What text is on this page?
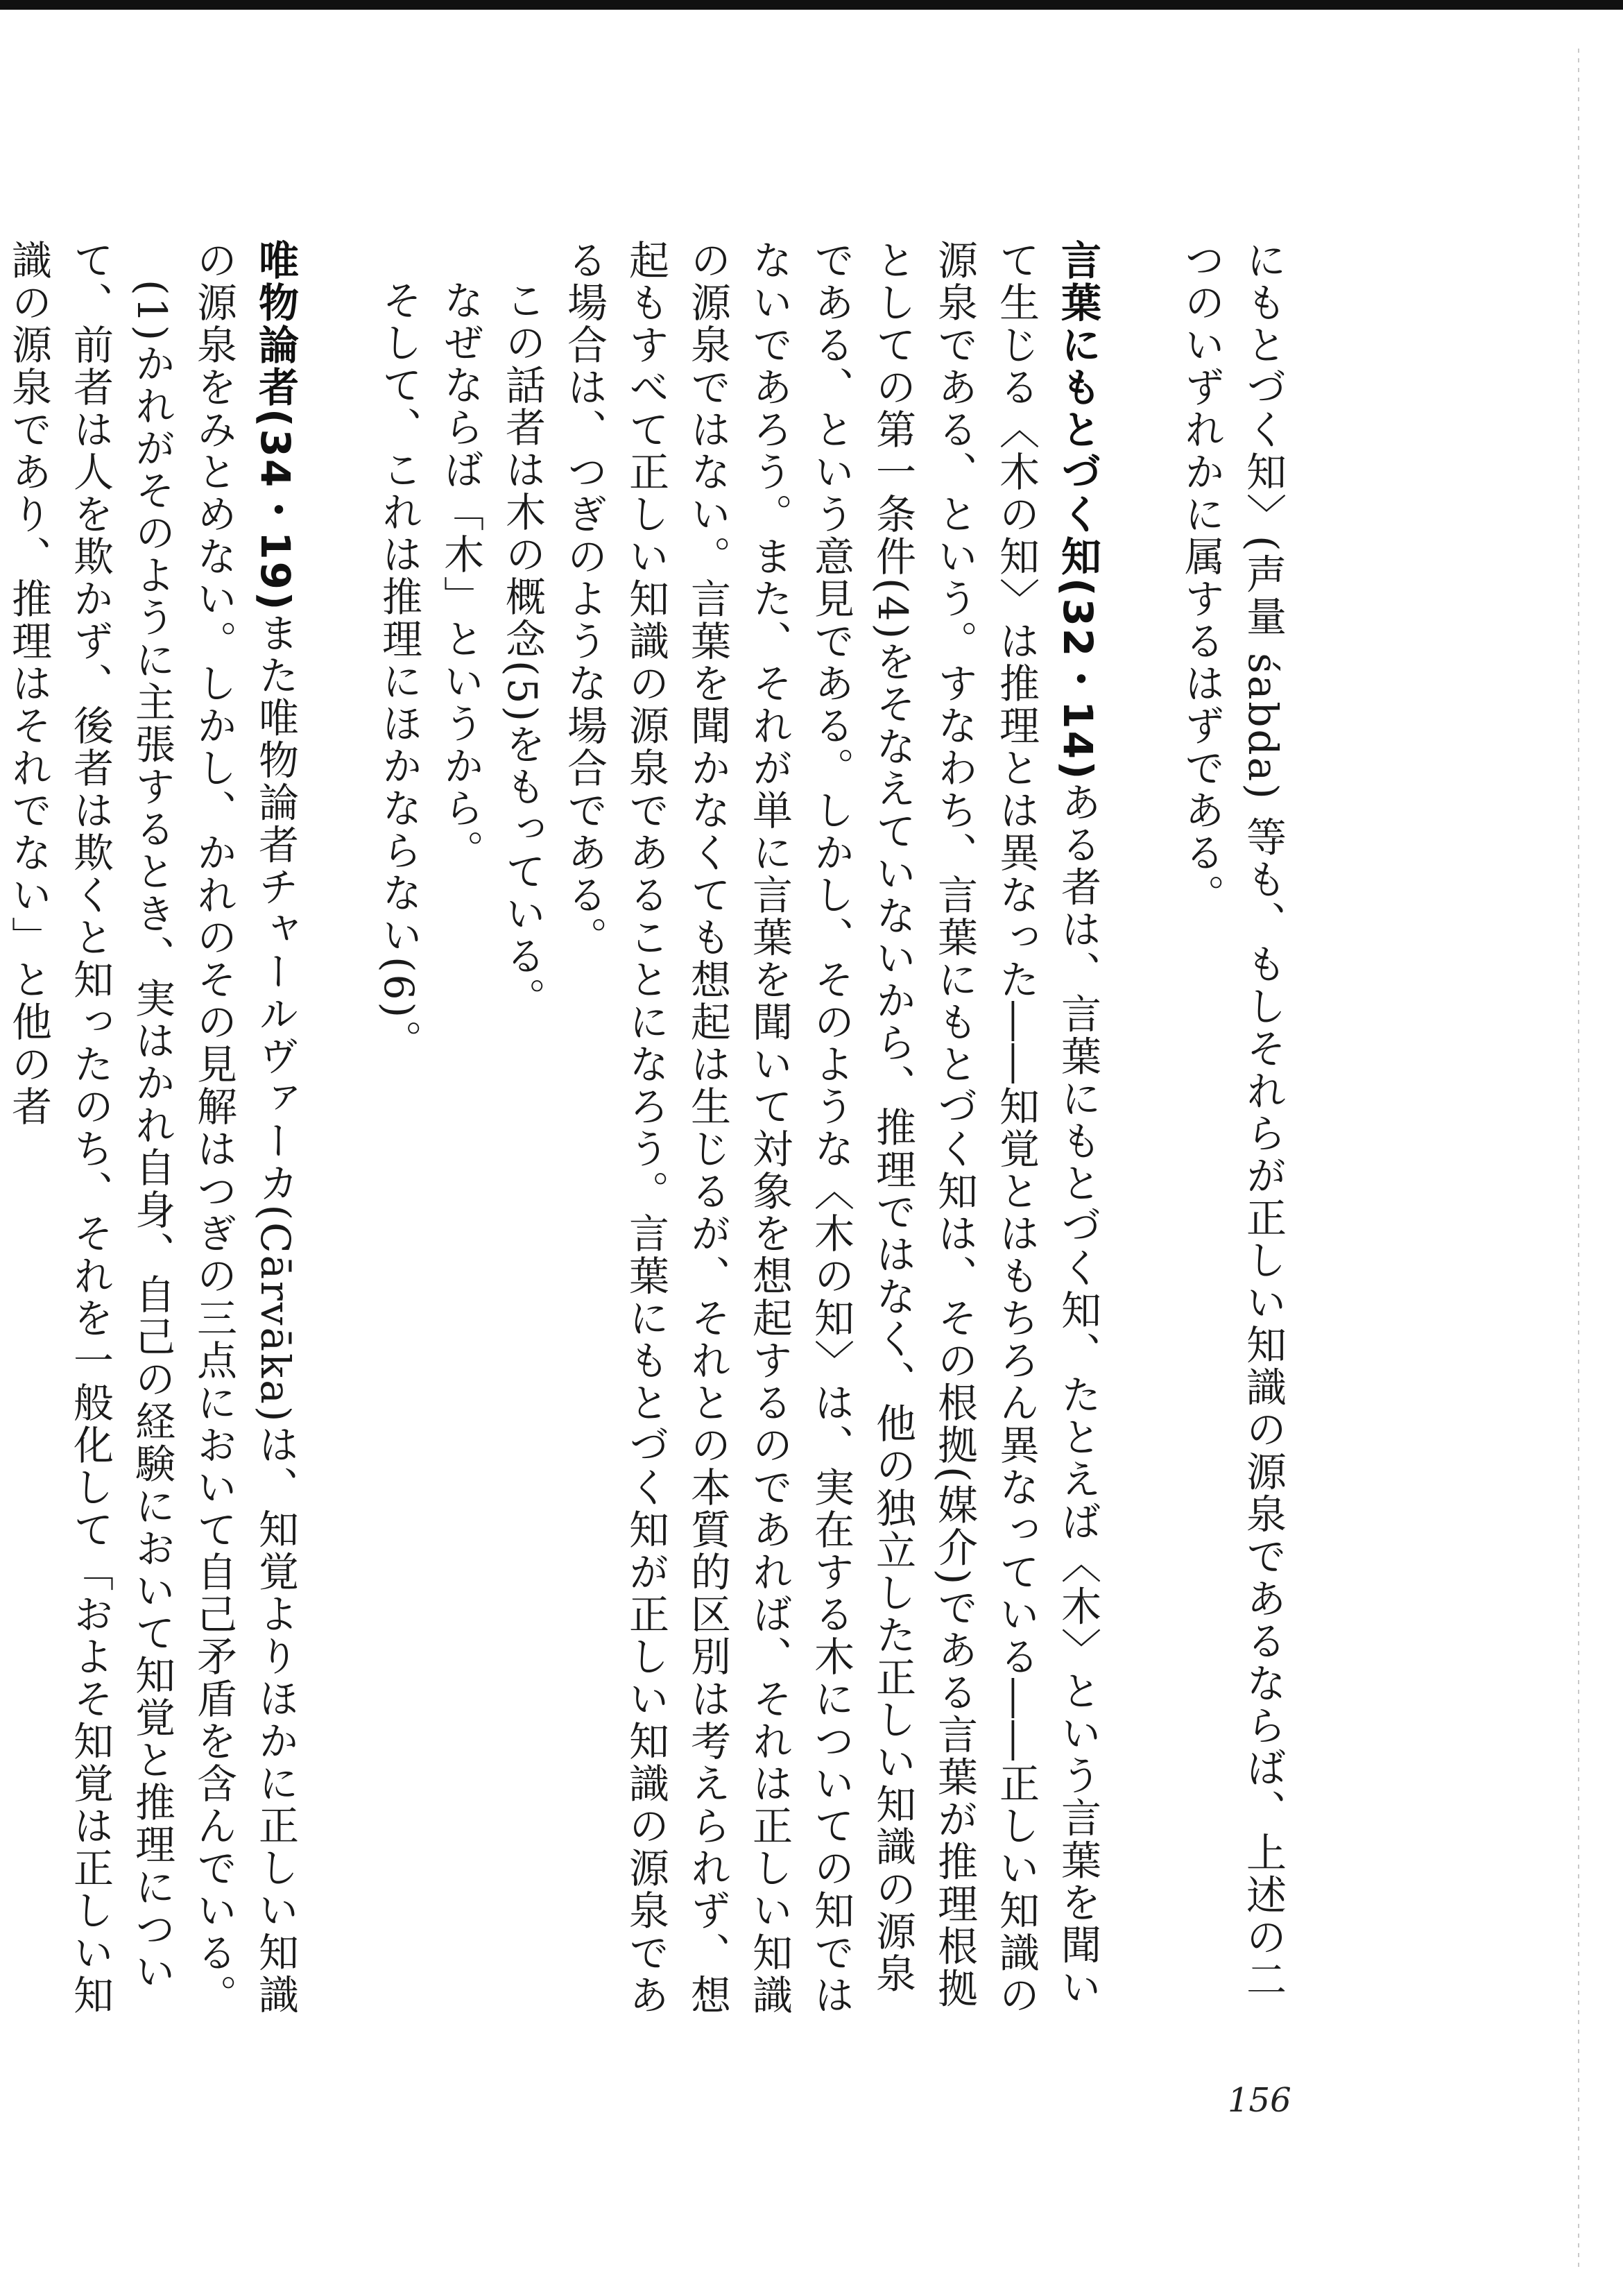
にもとづく知〉(声量 śabda) 等も、もしそれらが正しい知識の源泉であるならば、上述の二つのいずれかに属するはずである。

言葉にもとづく知(32・14)ある者は、言葉にもとづく知、たとえば〈木〉という言葉を聞いて生じる〈木の知〉は推理とは異なった――知覚とはもちろん異なっている――正しい知識の源泉である、という。すなわち、言葉にもとづく知は、その根拠(媒介)である言葉が推理根拠としての第一条件(4)をそなえていないから、推理ではなく、他の独立した正しい知識の源泉である、という意見である。しかし、そのような〈木の知〉は、実在する木についての知ではないであろう。また、それが単に言葉を聞いて対象を想起するのであれば、それは正しい知識の源泉ではない。言葉を聞かなくても想起は生じるが、それとの本質的区別は考えられず、想起もすべて正しい知識の源泉であることになろう。言葉にもとづく知が正しい知識の源泉である場合は、つぎのような場合である。

この話者は木の概念(5)をもっている。

なぜならば「木」というから。

そして、これは推理にほかならない(6)。

唯物論者(34・19)また唯物論者チャールヴァーカ(Cārvāka)は、知覚よりほかに正しい知識の源泉をみとめない。しかし、かれのその見解はつぎの三点において自己矛盾を含んでいる。

(1)かれがそのように主張するとき、実はかれ自身、自己の経験において知覚と推理について、前者は人を欺かず、後者は欺くと知ったのち、それを一般化して「およそ知覚は正しい知識の源泉であり、推理はそれでない」と他の者

156
